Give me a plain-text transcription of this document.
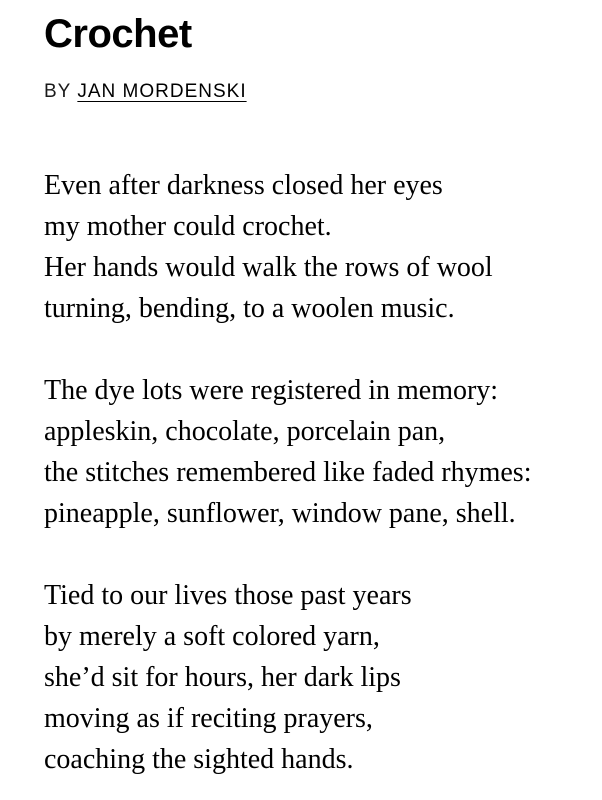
Crochet
BY JAN MORDENSKI
Even after darkness closed her eyes
my mother could crochet.
Her hands would walk the rows of wool
turning, bending, to a woolen music.
The dye lots were registered in memory:
appleskin, chocolate, porcelain pan,
the stitches remembered like faded rhymes:
pineapple, sunflower, window pane, shell.
Tied to our lives those past years
by merely a soft colored yarn,
she’d sit for hours, her dark lips
moving as if reciting prayers,
coaching the sighted hands.
